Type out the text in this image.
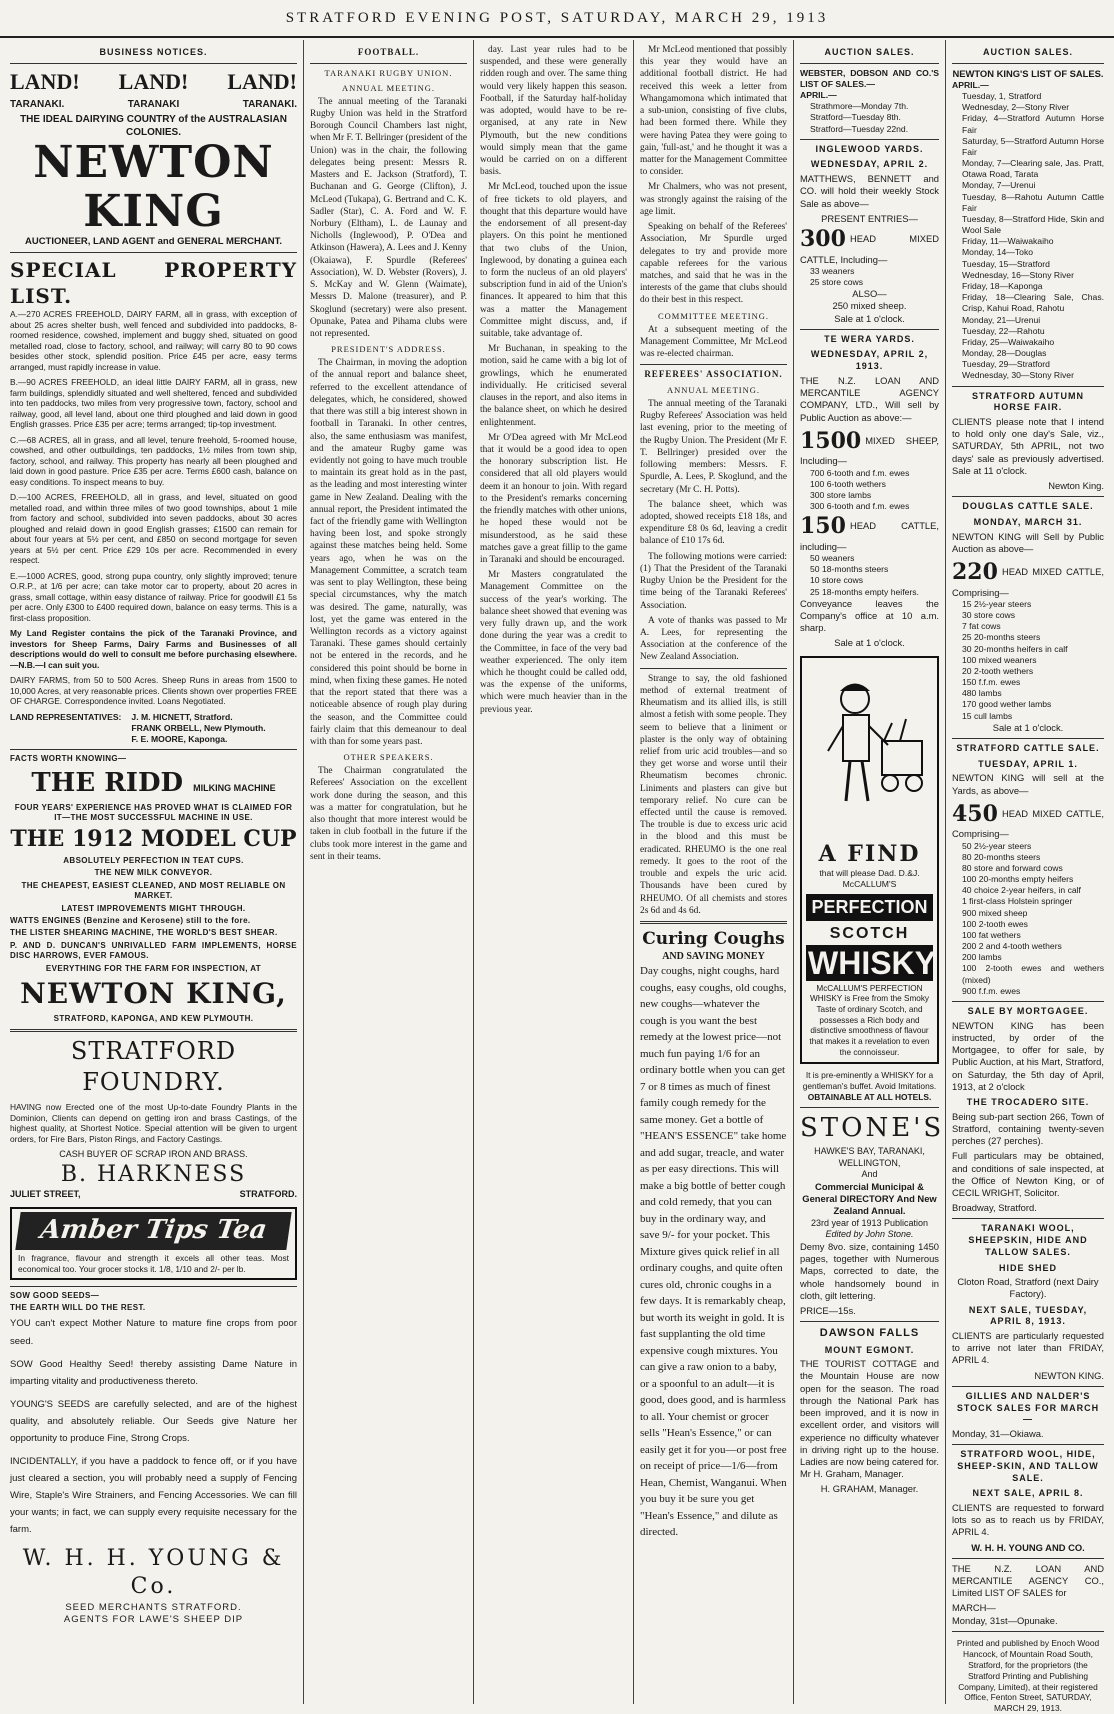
STRATFORD EVENING POST, SATURDAY, MARCH 29, 1913
BUSINESS NOTICES.
LAND! LAND! LAND!
TARANAKI.	TARANAKI	TARANAKI.
THE IDEAL DAIRYING COUNTRY of the AUSTRALASIAN COLONIES.
NEWTON KING
AUCTIONEER, LAND AGENT and GENERAL MERCHANT.
SPECIAL PROPERTY LIST.
A.—270 ACRES FREEHOLD, DAIRY FARM, all in grass, with exception of about 25 acres shelter bush, well fenced and subdivided into paddocks, 8-roomed residence, cowshed, implement and buggy shed, situated on good metalled road, close to factory, school, and railway; will carry 80 to 90 cows besides other stock, splendid position. Price £45 per acre, easy terms arranged, must rapidly increase in value.
B.—90 ACRES FREEHOLD, an ideal little DAIRY FARM, all in grass, new farm buildings, splendidly situated and well sheltered, fenced and subdivided into ten paddocks, two miles from very progressive town, factory, school and railway, good, all level land, about one third ploughed and laid down in good English grasses. Price £35 per acre; terms arranged; tip-top investment.
C.—68 ACRES, all in grass, and all level, tenure freehold, 5-roomed house, cowshed, and other outbuildings, ten paddocks, 1½ miles from town ship, factory, school, and railway. This property has nearly all been ploughed and laid down in good pasture. Price £35 per acre. Terms £600 cash, balance on easy conditions. To inspect means to buy.
D.—100 ACRES, FREEHOLD, all in grass, and level, situated on good metalled road, and within three miles of two good townships, about 1 mile from factory and school, subdivided into seven paddocks, about 30 acres ploughed and relaid down in good English grasses; £1500 can remain for about four years at 5½ per cent, and £850 on second mortgage for seven years at 5½ per cent. Price £29 10s per acre. Recommended in every respect.
E.—1000 ACRES, good, strong pupa country, only slightly improved; tenure O.R.P., at 1/6 per acre; can take motor car to property, about 20 acres in grass, small cottage, within easy distance of railway. Price for goodwill £1 5s per acre. Only £300 to £400 required down, balance on easy terms. This is a first-class proposition.
My Land Register contains the pick of the Taranaki Province, and investors for Sheep Farms, Dairy Farms and Businesses of all descriptions would do well to consult me before purchasing elsewhere.—N.B.—I can suit you.
DAIRY FARMS, from 50 to 500 Acres. Sheep Runs in areas from 1500 to 10,000 Acres, at very reasonable prices. Clients shown over properties FREE OF CHARGE. Correspondence invited. Loans Negotiated.
LAND REPRESENTATIVES: J. M. HICNETT, Stratford.
FRANK ORBELL, New Plymouth.
F. E. MOORE, Kaponga.
FACTS WORTH KNOWING—
THE RIDD MILKING MACHINE
FOUR YEARS' EXPERIENCE HAS PROVED WHAT IS CLAIMED FOR IT—THE MOST SUCCESSFUL MACHINE IN USE.
THE 1912 MODEL CUP
ABSOLUTELY PERFECTION IN TEAT CUPS.
THE NEW MILK CONVEYOR.
THE CHEAPEST, EASIEST CLEANED, AND MOST RELIABLE ON MARKET.
LATEST IMPROVEMENTS MIGHT THROUGH.
WATTS ENGINES (Benzine and Kerosene) still to the fore.
THE LISTER SHEARING MACHINE, THE WORLD'S BEST SHEAR.
P. AND D. DUNCAN'S UNRIVALLED FARM IMPLEMENTS, HORSE DISC HARROWS, EVER FAMOUS.
EVERYTHING FOR THE FARM FOR INSPECTION, AT
NEWTON KING,
STRATFORD, KAPONGA, AND KEW PLYMOUTH.
STRATFORD FOUNDRY.
HAVING now Erected one of the most Up-to-date Foundry Plants in the Dominion, Clients can depend on getting iron and brass Castings, of the highest quality, at Shortest Notice. Special attention will be given to urgent orders, for Fire Bars, Piston Rings, and Factory Castings.
CASH BUYER OF SCRAP IRON AND BRASS.
B. HARKNESS
JULIET STREET,	STRATFORD.
Amber Tips Tea
In fragrance, flavour and strength it excels all other teas. Most economical too. Your grocer stocks it. 1/8, 1/10 and 2/- per lb.
SOW GOOD SEEDS—
THE EARTH WILL DO THE REST.

YOU can't expect Mother Nature to mature fine crops from poor seed.

SOW Good Healthy Seed! thereby assisting Dame Nature in imparting vitality and productiveness thereto.

YOUNG'S SEEDS are carefully selected, and are of the highest quality, and absolutely reliable. Our Seeds give Nature her opportunity to produce Fine, Strong Crops.

INCIDENTALLY, if you have a paddock to fence off, or if you have just cleared a section, you will probably need a supply of Fencing Wire, Staple's Wire Strainers, and Fencing Accessories. We can fill your wants; in fact, we can supply every requisite necessary for the farm.

W. H. H. YOUNG & Co.
SEED MERCHANTS STRATFORD.
AGENTS FOR LAWE'S SHEEP DIP
FOOTBALL.
TARANAKI RUGBY UNION.
ANNUAL MEETING.

The annual meeting of the Taranaki Rugby Union was held in the Stratford Borough Council Chambers last night, when Mr F. T. Bellringer (president of the Union) was in the chair, the following delegates being present: Messrs R. Masters and E. Jackson (Stratford), T. Buchanan and G. George (Clifton), J. McLeod (Tukapa), G. Bertrand and C. K. Sadler (Star), C. A. Ford and W. F. Norbury (Eltham), L. de Launay and Nicholls (Inglewood), P. O'Dea and Atkinson (Hawera), A. Lees and J. Kenny (Okaiawa), F. Spurdle (Referees' Association), W. D. Webster (Rovers), J. S. McKay and W. Glenn (Waimate), Messrs D. Malone (treasurer), and P. Skoglund (secretary) were also present. Opunake, Patea and Pihama clubs were not represented.

PRESIDENT'S ADDRESS.

The Chairman, in moving the adoption of the annual report and balance sheet, referred to the excellent attendance of delegates, which, he considered, showed that there was still a big interest shown in football in Taranaki. In other centres, also, the same enthusiasm was manifest, and the amateur Rugby game was evidently not going to have much trouble to maintain its great hold as in the past, as the leading and most interesting winter game in New Zealand. Dealing with the annual report, the President intimated the fact of the friendly game with Wellington having been lost, and spoke strongly against these matches being held. Some years ago, when he was on the Management Committee, a scratch team was sent to play Wellington, these being special circumstances, why the match was desired. The game, naturally, was lost, yet the game was entered in the Wellington records as a victory against Taranaki. These games should certainly not be entered in the records, and he considered this point should be borne in mind, when fixing these games. He noted that the report stated that there was a noticeable absence of rough play during the season, and the Committee could fairly claim that this demeanour to deal with than for some years past.

OTHER SPEAKERS.

The Chairman congratulated the Referees' Association on the excellent work done during the season, and this was a matter for congratulation, but he also thought that more interest would be taken in club football in the future if the clubs took more interest in the game and sent in their teams.

day. Last year rules had to be suspended, and these were generally ridden rough and over. The same thing would very likely happen this season. Football, if the Saturday half-holiday was adopted, would have to be re-organised, at any rate in New Plymouth, but the new conditions would simply mean that the game would be carried on on a different basis.

Mr McLeod, touched upon the issue of free tickets to old players, and thought that this departure would have the endorsement of all present-day players. On this point he mentioned that two clubs of the Union, Inglewood, by donating a guinea each to form the nucleus of an old players' subscription fund in aid of the Union's finances. It appeared to him that this was a matter the Management Committee might discuss, and, if suitable, take advantage of.

Mr Buchanan, in speaking to the motion, said he came with a big lot of growlings, which he enumerated individually. He criticised several clauses in the report, and also items in the balance sheet, on which he desired enlightenment.

Mr O'Dea agreed with Mr McLeod that it would be a good idea to open the honorary subscription list. He considered that all old players would deem it an honour to join. With regard to the President's remarks concerning the friendly matches with other unions, he hoped these would not be misunderstood, as he said these matches gave a great fillip to the game in Taranaki and should be encouraged.

Mr Masters congratulated the Management Committee on the success of the year's working. The balance sheet showed that evening was very fully drawn up, and the work done during the year was a credit to the Committee, in face of the very bad weather experienced. The only item which he thought could be called odd, was the expense of the uniforms, which were much heavier than in the previous year.

Mr McLeod mentioned that possibly this year they would have an additional football district. He had received this week a letter from Whangamomona which intimated that a sub-union, consisting of five clubs, had been formed there. While they were having Patea they were going to gain, 'full-ast,' and he thought it was a matter for the Management Committee to consider.

Mr Chalmers, who was not present, was strongly against the raising of the age limit.

Speaking on behalf of the Referees' Association, Mr Spurdle urged delegates to try and provide more capable referees for the various matches, and said that he was in the interests of the game that clubs should do their best in this respect.

COMMITTEE MEETING.

At a subsequent meeting of the Management Committee, Mr McLeod was re-elected chairman.

REFEREES' ASSOCIATION.
ANNUAL MEETING.

The annual meeting of the Taranaki Rugby Referees' Association was held last evening, prior to the meeting of the Rugby Union. The President (Mr F. T. Bellringer) presided over the following members: Messrs. F. Spurdle, A. Lees, P. Skoglund, and the secretary (Mr C. H. Potts).

The balance sheet, which was adopted, showed receipts £18 18s, and expenditure £8 0s 6d, leaving a credit balance of £10 17s 6d.

The following motions were carried: (1) That the President of the Taranaki Rugby Union be the President for the time being of the Taranaki Referees' Association.

A vote of thanks was passed to Mr A. Lees, for representing the Association at the conference of the New Zealand Association.

Strange to say, the old fashioned method of external treatment of Rheumatism and its allied ills, is still almost a fetish with some people. They seem to believe that a liniment or plaster is the only way of obtaining relief from uric acid troubles—and so they get worse and worse until their Rheumatism becomes chronic. Liniments and plasters can give but temporary relief. No cure can be effected until the cause is removed. The trouble is due to excess uric acid in the blood and this must be eradicated. RHEUMO is the one real remedy. It goes to the root of the trouble and expels the uric acid. Thousands have been cured by RHEUMO. Of all chemists and stores 2s 6d and 4s 6d.

Curing Coughs
AND SAVING MONEY
Day coughs, night coughs, hard coughs, easy coughs, old coughs, new coughs—whatever the cough is you want the best remedy at the lowest price—not much fun paying 1/6 for an ordinary bottle when you can get 7 or 8 times as much of finest family cough remedy for the same money. Get a bottle of "HEAN'S ESSENCE" take home and add sugar, treacle, and water as per easy directions. This will make a big bottle of better cough and cold remedy, that you can buy in the ordinary way, and save 9/- for your pocket. This Mixture gives quick relief in all ordinary coughs, and quite often cures old, chronic coughs in a few days. It is remarkably cheap, but worth its weight in gold. It is fast supplanting the old time expensive cough mixtures. You can give a raw onion to a baby, or a spoonful to an adult—it is good, does good, and is harmless to all. Your chemist or grocer sells "Hean's Essence," or can easily get it for you—or post free on receipt of price—1/6—from Hean, Chemist, Wanganui. When you buy it be sure you get "Hean's Essence," and dilute as directed.
AUCTION SALES.
WEBSTER, DOBSON AND CO.'S LIST OF SALES.—
APRIL.—
Strathmore—Monday 7th.
Stratford—Tuesday 8th.
Stratford—Tuesday 22nd.
INGLEWOOD YARDS.
WEDNESDAY, APRIL 2.

MATTHEWS, BENNETT and CO. will hold their weekly Stock Sale as above—

PRESENT ENTRIES—
300 HEAD MIXED CATTLE, Including—
33 weaners
25 store cows
ALSO—
250 mixed sheep.
Sale at 1 o'clock.
TE WERA YARDS.
WEDNESDAY, APRIL 2, 1913.

THE N.Z. LOAN AND MERCANTILE AGENCY COMPANY, LTD., Will sell by Public Auction as above:—

1500 MIXED SHEEP, Including—
700 6-tooth and f.m. ewes
100 6-tooth wethers
300 store lambs
300 6-tooth and f.m. ewes
150 HEAD CATTLE, including—
50 weaners
50 18-months steers
10 store cows
25 18-months empty heifers.

Conveyance leaves the Company's office at 10 a.m. sharp.

Sale at 1 o'clock.
A FIND
that will please Dad. D.&J. McCALLUM'S
PERFECTION
SCOTCH
WHISKY
McCALLUM'S PERFECTION WHISKY is Free from the Smoky Taste of ordinary Scotch, and possesses a Rich body and distinctive smoothness of flavour that makes it a revelation to even the connoisseur.
It is pre-eminently a WHISKY for a gentleman's buffet. Avoid Imitations.
OBTAINABLE AT ALL HOTELS.
STONE'S
HAWKE'S BAY, TARANAKI, WELLINGTON,
And
Commercial Municipal & General DIRECTORY And New Zealand Annual.
23rd year of 1913 Publication
Edited by John Stone.

Demy 8vo. size, containing 1450 pages, together with Numerous Maps, corrected to date, the whole handsomely bound in cloth, gilt lettering.

PRICE—15s.
DAWSON FALLS
MOUNT EGMONT.

THE TOURIST COTTAGE and the Mountain House are now open for the season. The road through the National Park has been improved, and it is now in excellent order, and visitors will experience no difficulty whatever in driving right up to the house. Ladies are now being catered for. Mr H. Graham, Manager.

H. GRAHAM, Manager.
AUCTION SALES.
NEWTON KING'S LIST OF SALES.
APRIL.—
Tuesday, 1, Stratford
Wednesday, 2—Stony River
Friday, 4—Stratford Autumn Horse Fair
Saturday, 5—Stratford Autumn Horse Fair
Monday, 7—Clearing sale, Jas. Pratt, Otawa Road, Tarata
Monday, 7—Urenui
Tuesday, 8—Rahotu Autumn Cattle Fair
Tuesday, 8—Stratford Hide, Skin and Wool Sale
Friday, 11—Waiwakaiho
Monday, 14—Toko
Tuesday, 15—Stratford
Wednesday, 16—Stony River
Friday, 18—Kaponga
Friday, 18—Clearing Sale, Chas. Crisp, Kahui Road, Rahotu
Monday, 21—Urenui
Tuesday, 22—Rahotu
Friday, 25—Waiwakaiho
Monday, 28—Douglas
Tuesday, 29—Stratford
Wednesday, 30—Stony River
STRATFORD AUTUMN HORSE FAIR.

CLIENTS please note that I intend to hold only one day's Sale, viz., SATURDAY, 5th APRIL, not two days' sale as previously advertised. Sale at 11 o'clock.

Newton King.
DOUGLAS CATTLE SALE.
MONDAY, MARCH 31.

NEWTON KING will Sell by Public Auction as above—

220 HEAD MIXED CATTLE, Comprising—
15 2½-year steers
30 store cows
7 fat cows
25 20-months steers
30 20-months heifers in calf
100 mixed weaners
20 2-tooth wethers
150 f.f.m. ewes
480 lambs
170 good wether lambs
15 cull lambs
Sale at 1 o'clock.
STRATFORD CATTLE SALE.
TUESDAY, APRIL 1.

NEWTON KING will sell at the Yards, as above—

450 HEAD MIXED CATTLE, Comprising—
50 2½-year steers
80 20-months steers
80 store and forward cows
100 20-months empty heifers
40 choice 2-year heifers, in calf
1 first-class Holstein springer
900 mixed sheep
100 2-tooth ewes
100 fat wethers
200 2 and 4-tooth wethers
200 lambs
100 2-tooth ewes and wethers (mixed)
900 f.f.m. ewes
SALE BY MORTGAGEE.

NEWTON KING has been instructed, by order of the Mortgagee, to offer for sale, by Public Auction, at his Mart, Stratford, on Saturday, the 5th day of April, 1913, at 2 o'clock

THE TROCADERO SITE.

Being sub-part section 266, Town of Stratford, containing twenty-seven perches (27 perches).

Full particulars may be obtained, and conditions of sale inspected, at the Office of Newton King, or of CECIL WRIGHT, Solicitor.

Broadway, Stratford.
TARANAKI WOOL, SHEEPSKIN, HIDE AND TALLOW SALES.
HIDE SHED
Cloton Road, Stratford (next Dairy Factory).
NEXT SALE, TUESDAY, APRIL 8, 1913.

CLIENTS are particularly requested to arrive not later than FRIDAY, APRIL 4.

NEWTON KING.
GILLIES AND NALDER'S STOCK SALES FOR MARCH—
Monday, 31—Okiawa.
STRATFORD WOOL, HIDE, SHEEP-SKIN, AND TALLOW SALE.
NEXT SALE, APRIL 8.

CLIENTS are requested to forward lots so as to reach us by FRIDAY, APRIL 4.

W. H. H. YOUNG AND CO.

THE N.Z. LOAN AND MERCANTILE AGENCY CO., Limited LIST OF SALES for

MARCH—
Monday, 31st—Opunake.
Printed and published by Enoch Wood Hancock, of Mountain Road South, Stratford, for the proprietors (the Stratford Printing and Publishing Company, Limited), at their registered Office, Fenton Street, SATURDAY, MARCH 29, 1913.
